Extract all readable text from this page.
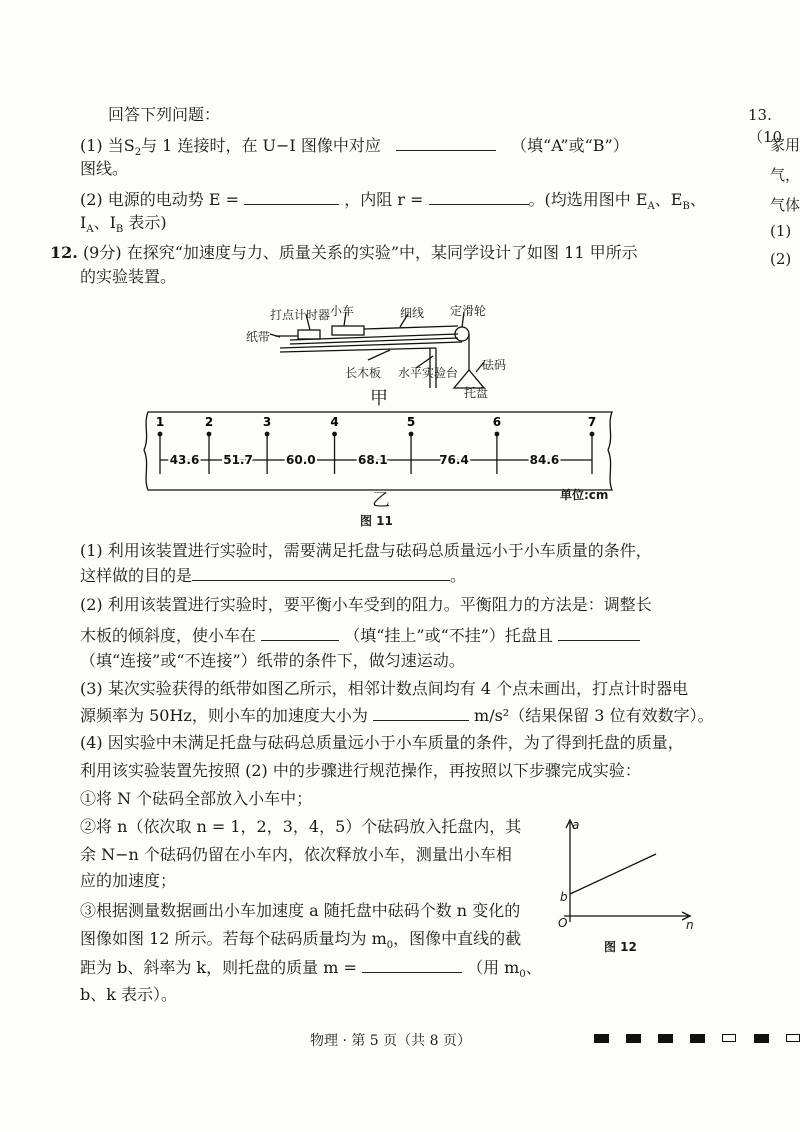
回答下列问题：
(1) 当$S_2$与 1 连接时，在 U−I 图像中对应	（填“A”或“B”）
图线。
(2) 电源的电动势 E =	，内阻 r =	。(均选用图中 $E_A$、$E_B$、
$I_A$、$I_B$ 表示)
12. (9分) 在探究“加速度与力、质量关系的实验”中，某同学设计了如图 11 甲所示
的实验装置。
打点计时器 小车	细线 定滑轮
纸带
砝码
长木板 水平实验台
托盘
甲
1	2	3	4	5	6	7
43.6 51.7	60.0	68.1	76.4	84.6
单位:cm
乙
图 11
(1) 利用该装置进行实验时，需要满足托盘与砝码总质量远小于小车质量的条件，
这样做的目的是	。
(2) 利用该装置进行实验时，要平衡小车受到的阻力。平衡阻力的方法是：调整长
木板的倾斜度，使小车在	（填“挂上”或“不挂”）托盘且
（填“连接”或“不连接”）纸带的条件下，做匀速运动。
(3) 某次实验获得的纸带如图乙所示，相邻计数点间均有 4 个点未画出，打点计时器电
源频率为 50Hz，则小车的加速度大小为	m/s²（结果保留 3 位有效数字）。
(4) 因实验中未满足托盘与砝码总质量远小于小车质量的条件，为了得到托盘的质量，
利用该实验装置先按照 (2) 中的步骤进行规范操作，再按照以下步骤完成实验：
①将 N 个砝码全部放入小车中；
②将 n（依次取 n = 1，2，3，4，5）个砝码放入托盘内，其
余 N−n 个砝码仍留在小车内，依次释放小车，测量出小车相
应的加速度；
③根据测量数据画出小车加速度 a 随托盘中砝码个数 n 变化的
图像如图 12 所示。若每个砝码质量均为 $m_0$，图像中直线的截
距为 b、斜率为 k，则托盘的质量 m =	（用 $m_0$、
b、k 表示）。
a
n
O
b
图 12
13.（10
家用
气，
气体
(1)
(2)
物理 · 第 5 页（共 8 页）
